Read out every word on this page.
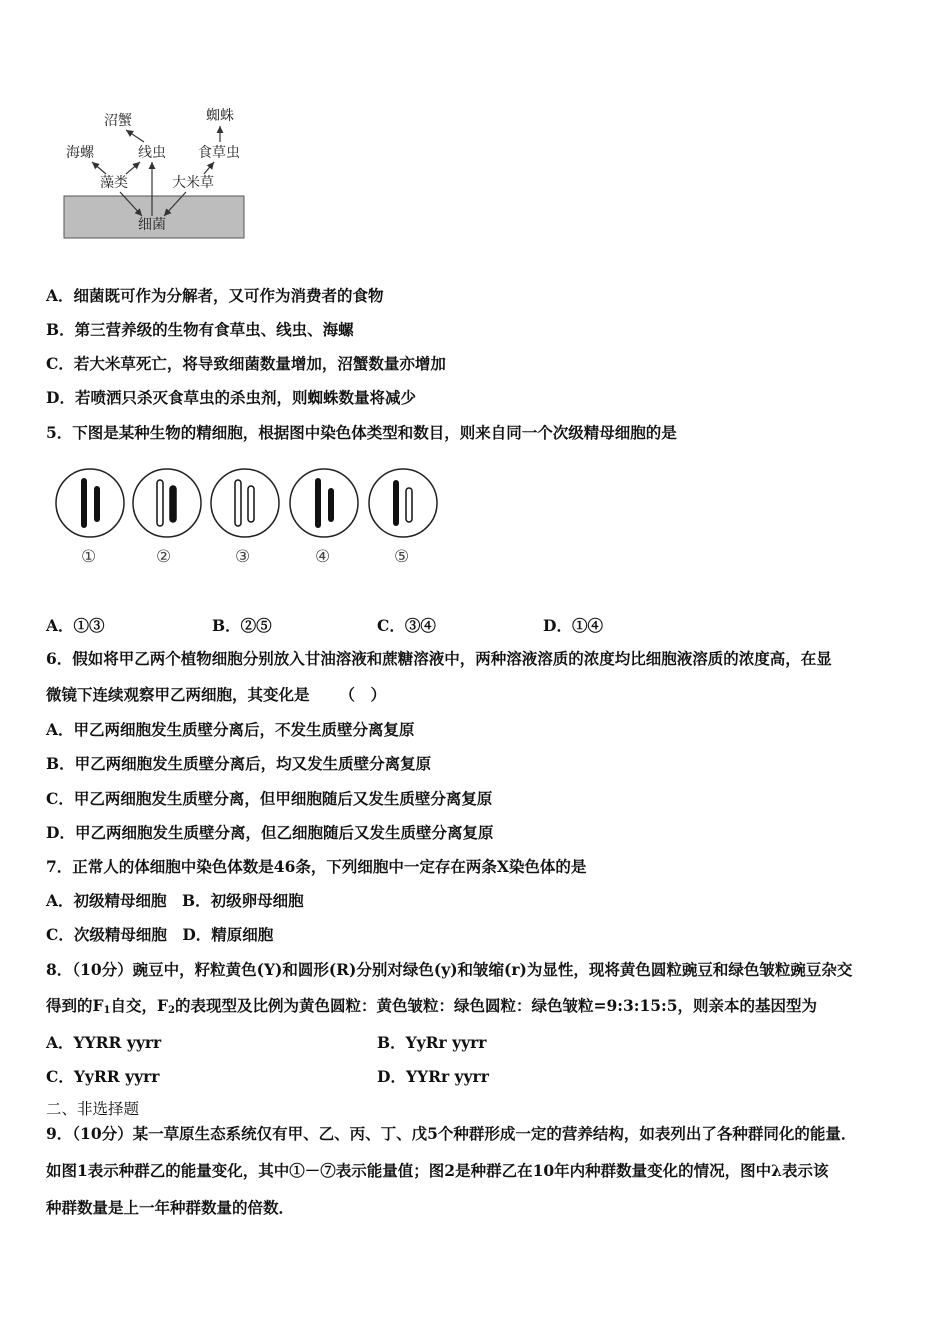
沼蟹	蜘蛛
海螺	线虫 食草虫
藻类	大米草
细菌
A．细菌既可作为分解者，又可作为消费者的食物
B．第三营养级的生物有食草虫、线虫、海螺
C．若大米草死亡，将导致细菌数量增加，沼蟹数量亦增加
D．若喷洒只杀灭食草虫的杀虫剂，则蜘蛛数量将减少
5．下图是某种生物的精细胞，根据图中染色体类型和数目，则来自同一个次级精母细胞的是
①	②	③	④	⑤
A．①③	B．②⑤	C．③④	D．①④
6．假如将甲乙两个植物细胞分别放入甘油溶液和蔗糖溶液中，两种溶液溶质的浓度均比细胞液溶质的浓度高，在显
微镜下连续观察甲乙两细胞，其变化是 （　）
A．甲乙两细胞发生质壁分离后，不发生质壁分离复原
B．甲乙两细胞发生质壁分离后，均又发生质壁分离复原
C．甲乙两细胞发生质壁分离，但甲细胞随后又发生质壁分离复原
D．甲乙两细胞发生质壁分离，但乙细胞随后又发生质壁分离复原
7．正常人的体细胞中染色体数是46条，下列细胞中一定存在两条X染色体的是
A．初级精母细胞　B．初级卵母细胞
C．次级精母细胞　D．精原细胞
8．（10分）豌豆中，籽粒黄色(Y)和圆形(R)分别对绿色(y)和皱缩(r)为显性，现将黄色圆粒豌豆和绿色皱粒豌豆杂交
得到的$F_1$自交，$F_2$的表现型及比例为黄色圆粒：黄色皱粒：绿色圆粒：绿色皱粒=9:3:15:5，则亲本的基因型为
A．YYRR yyrr	B．YyRr yyrr
C．YyRR yyrr	D．YYRr yyrr
二、非选择题
9．（10分）某一草原生态系统仅有甲、乙、丙、丁、戊5个种群形成一定的营养结构，如表列出了各种群同化的能量．
如图1表示种群乙的能量变化，其中①－⑦表示能量值；图2是种群乙在10年内种群数量变化的情况，图中λ表示该
种群数量是上一年种群数量的倍数．
